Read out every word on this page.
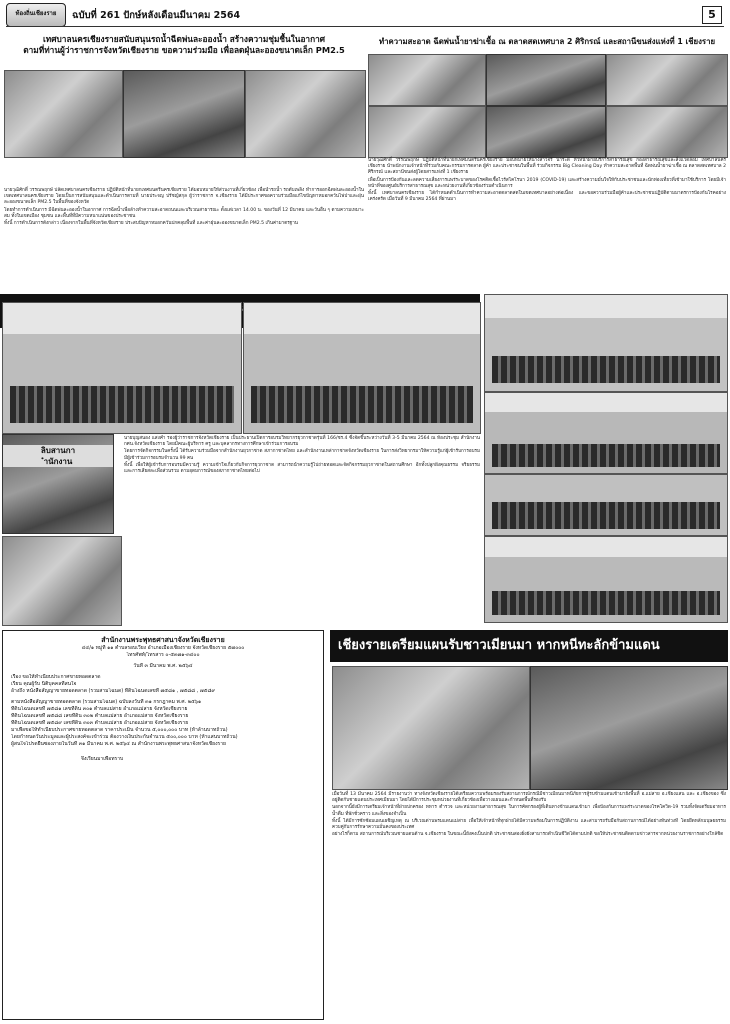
ท้องถิ่นเชียงราย	ฉบับที่ 261 ปักษ์หลังเดือนมีนาคม 2564	5
เทศบาลนครเชียงรายสนับสนุนรถน้ำฉีดพ่นละอองน้ำ สร้างความชุ่มชื้นในอากาศ
ตามที่ท่านผู้ว่าราชการจังหวัดเชียงราย ขอความร่วมมือ เพื่อลดฝุ่นละอองขนาดเล็ก PM2.5

นายวุฒิศักดิ์ วรรณพฤกษ์ ปลัดเทศบาลนครเชียงราย ปฏิบัติหน้าที่นายกเทศมนตรีนครเชียงราย ได้มอบหมายให้ส่วนงานที่เกี่ยวข้อง เพื่อนำรถน้ำ รถดับเพลิง ทำการออกฉีดพ่นละอองน้ำในเขตเทศบาลนครเชียงราย โดยเป็นการสนับสนุนและดำเนินการตามที่ นายประจญ ปรัชญ์สกุล ผู้ว่าราชการ จ.เชียงราย ได้มีประกาศขอความร่วมมือแก้ไขปัญหาหมอกควันไฟป่าและฝุ่นละอองขนาดเล็ก PM2.5 ในพื้นที่ของจังหวัด

โดยทำการดำเนินการ มีฉีดพ่นละอองน้ำในอากาศ การฉีดน้ำเพื่อล้างทำความสะอาดถนนและบริเวณสาธารณะ ตั้งแต่เวลา 14.00 น. ของวันที่ 12 มีนาคม และวันอื่น ๆ ตามความเหมาะสม ทั้งในเขตเมือง ชุมชน และพื้นที่ที่มีความหนาแน่นของประชาชน

ทั้งนี้ การดำเนินการดังกล่าว เนื่องจากในพื้นที่จังหวัดเชียงราย ประสบปัญหาหมอกควันปกคลุมพื้นที่ และค่าฝุ่นละอองขนาดเล็ก PM2.5 เกินค่ามาตรฐาน

ทำความสะอาด ฉีดพ่นน้ำยาฆ่าเชื้อ ณ ตลาดสดเทศบาล 2 ศิริกรณ์ และสถานีขนส่งแห่งที่ 1 เชียงราย

นายวุฒิศักดิ์ วรรณพฤกษ์ ปฏิบัติหน้าที่นายกเทศมนตรีนครเชียงราย มอบหมายให้นางสาวจรี นาระดี หัวหน้าฝ่ายบริการสาธารณสุข กองสาธารณสุขและสิ่งแวดล้อม เทศบาลนครเชียงราย นำพนักงานเจ้าหน้าที่ร่วมกับคณะกรรมการตลาด ผู้ค้า และประชาชนในพื้นที่ ร่วมกิจกรรม Big Cleaning Day ทำความสะอาดพื้นที่ ฉีดพ่นน้ำยาฆ่าเชื้อ ณ ตลาดสดเทศบาล 2 ศิริกรณ์ และสถานีขนส่งผู้โดยสารแห่งที่ 1 เชียงราย

เพื่อเป็นการป้องกันและลดความเสี่ยงการแพร่ระบาดของโรคติดเชื้อไวรัสโคโรนา 2019 (COVID-19) และสร้างความมั่นใจให้กับประชาชนและนักท่องเที่ยวที่เข้ามาใช้บริการ โดยมีเจ้าหน้าที่ของศูนย์บริการสาธารณสุข และหน่วยงานที่เกี่ยวข้องร่วมดำเนินการ

ทั้งนี้ เทศบาลนครเชียงราย ได้กำหนดดำเนินการทำความสะอาดตลาดสดในเขตเทศบาลอย่างต่อเนื่อง และขอความร่วมมือผู้ค้าและประชาชนปฏิบัติตามมาตรการป้องกันโรคอย่างเคร่งครัด เมื่อวันที่ 9 มีนาคม 2564 ที่ผ่านมา

ลิบสานกา
ำนักงาน

นายบุญสนอง แสงคำ รองผู้ว่าราชการจังหวัดเชียงราย เป็นประธานเปิดการอบรมวิทยากรยุวกาชาดรุ่นที่ 166/ชร.4 ซึ่งจัดขึ้นระหว่างวันที่ 3-5 มีนาคม 2564 ณ ห้องประชุม สำนักงาน กศน.จังหวัดเชียงราย โดยมีคณะผู้บริหาร ครู และบุคลากรทางการศึกษาเข้าร่วมการอบรม

โดยการจัดกิจกรรมในครั้งนี้ ได้รับความร่วมมือจากสำนักงานยุวกาชาด สภากาชาดไทย และสำนักงานเหล่ากาชาดจังหวัดเชียงราย ในการส่งวิทยากรมาให้ความรู้แก่ผู้เข้ารับการอบรม มีผู้เข้าร่วมการอบรมจำนวน 99 คน

ทั้งนี้ เพื่อให้ผู้เข้ารับการอบรมมีความรู้ ความเข้าใจเกี่ยวกับกิจการยุวกาชาด สามารถนำความรู้ไปถ่ายทอดและจัดกิจกรรมยุวกาชาดในสถานศึกษา อีกทั้งปลูกฝังคุณธรรม จริยธรรม และการเสียสละเพื่อส่วนรวม ตามอุดมการณ์ของสภากาชาดไทยต่อไป

สำนักงานพระพุทธศาสนาจังหวัดเชียงราย
๔๔/๑ หมู่ที่ ๑๑ ตำบลรอบเวียง อำเภอเมืองเชียงราย จังหวัดเชียงราย ๕๗๐๐๐
โทรศัพท์/โทรสาร ๐-๕๓๗๑-๓๔๐๐
วันที่ ๓ มีนาคม พ.ศ. ๒๕๖๔
เรื่อง ขอให้ทำเนียบประกาศขายทอดตลาด
เรียน คุณผู้รับ นิติบุคคลที่สนใจ
อ้างถึง หนังสือสัญญาขายทอดตลาด (รวมสามโฉนด) ที่ดินโฉนดเลขที่ ๗๕๘๑ , ๗๕๘๘ , ๗๕๘๙
ตามหนังสือสัญญาขายทอดตลาด (รวมสามโฉนด) ฉบับลงวันที่ ๓๑ กรกฎาคม พ.ศ. ๒๕๖๑
ที่ดินโฉนดเลขที่ ๗๕๘๑ เลขที่ดิน ๓๐๑ ตำบลแม่สาย อำเภอแม่สาย จังหวัดเชียงราย
ที่ดินโฉนดเลขที่ ๗๕๘๘ เลขที่ดิน ๓๐๒ ตำบลแม่สาย อำเภอแม่สาย จังหวัดเชียงราย
ที่ดินโฉนดเลขที่ ๗๕๘๙ เลขที่ดิน ๓๐๓ ตำบลแม่สาย อำเภอแม่สาย จังหวัดเชียงราย
มาเพื่อขอให้ทำเนียบประกาศขายทอดตลาด ราคาประเมิน จำนวน ๕,๐๐๐,๐๐๐ บาท (ห้าล้านบาทถ้วน)
โดยกำหนดวันประมูลและผู้ประสงค์จะเข้าร่วม ต้องวางเงินประกันจำนวน ๕๐๐,๐๐๐ บาท (ห้าแสนบาทถ้วน)
ผู้สนใจโปรดยื่นซองภายในวันที่ ๓๑ มีนาคม พ.ศ. ๒๕๖๔ ณ สำนักงานพระพุทธศาสนาจังหวัดเชียงราย
จึงเรียนมาเพื่อทราบ
เชียงรายเตรียมแผนรับชาวเมียนมา หากหนีทะลักข้ามแดน

เมื่อวันที่ 13 มีนาคม 2564 มีรายงานว่า ทางจังหวัดเชียงรายได้เตรียมความพร้อมรองรับสถานการณ์กรณีมีชาวเมียนมาหนีภัยการสู้รบข้ามแดนเข้ามายังพื้นที่ อ.แม่สาย อ.เชียงแสน และ อ.เชียงของ ซึ่งอยู่ติดกับชายแดนประเทศเมียนมา โดยได้มีการประชุมหน่วยงานที่เกี่ยวข้องเพื่อวางแผนและกำหนดพื้นที่รองรับ

นอกจากนี้ยังมีการเตรียมเจ้าหน้าที่ฝ่ายปกครอง ทหาร ตำรวจ และหน่วยงานสาธารณสุข ในการคัดกรองผู้ที่เดินทางข้ามแดนเข้ามา เพื่อป้องกันการแพร่ระบาดของโรคโควิด-19 รวมทั้งจัดเตรียมอาหาร น้ำดื่ม ที่พักชั่วคราว และสิ่งของจำเป็น

ทั้งนี้ ได้มีการซักซ้อมแผนเผชิญเหตุ ณ บริเวณด่านพรมแดนแม่สาย เพื่อให้เจ้าหน้าที่ทุกฝ่ายได้มีความพร้อมในการปฏิบัติงาน และสามารถรับมือกับสถานการณ์ได้อย่างทันท่วงที โดยยึดหลักมนุษยธรรมควบคู่กับการรักษาความมั่นคงของประเทศ

อย่างไรก็ตาม สถานการณ์บริเวณชายแดนด้าน จ.เชียงราย ในขณะนี้ยังคงเป็นปกติ ประชาชนสองฝั่งยังสามารถดำเนินชีวิตได้ตามปกติ ขอให้ประชาชนติดตามข่าวสารจากหน่วยงานราชการอย่างใกล้ชิด
